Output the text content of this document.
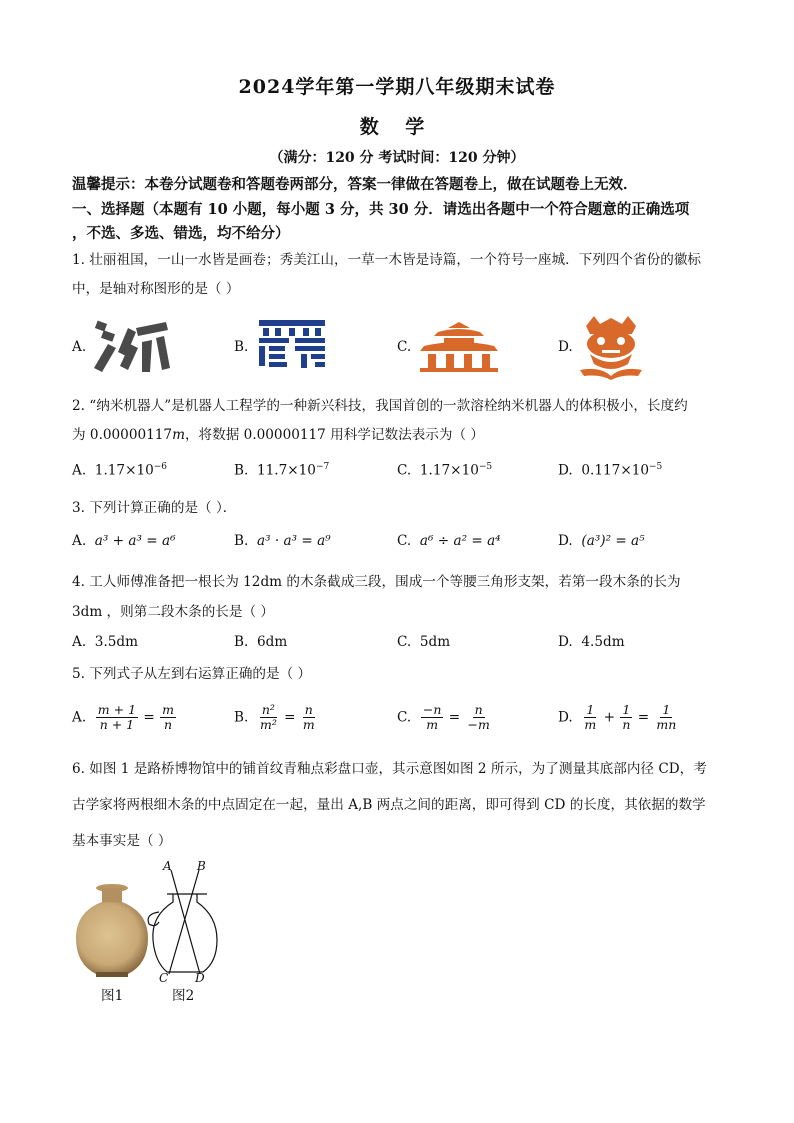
2024学年第一学期八年级期末试卷
数 学
（满分：120 分 考试时间：120 分钟）
温馨提示：本卷分试题卷和答题卷两部分，答案一律做在答题卷上，做在试题卷上无效．
一、选择题（本题有 10 小题，每小题 3 分，共 30 分．请选出各题中一个符合题意的正确选项
，不选、多选、错选，均不给分）
1. 壮丽祖国，一山一水皆是画卷；秀美江山，一草一木皆是诗篇，一个符号一座城．下列四个省份的徽标
中，是轴对称图形的是（ ）
A.	B.	C.	D.
2. “纳米机器人”是机器人工程学的一种新兴科技，我国首创的一款溶栓纳米机器人的体积极小，长度约
为 0.00000117m，将数据 0.00000117 用科学记数法表示为（ ）
A. $1.17\times 10^{-6}$	B. $11.7\times 10^{-7}$	C. $1.17\times 10^{-5}$	D. $0.117\times 10^{-5}$
3. 下列计算正确的是（ ）．
A. a³ + a³ = a⁶	B. a³ · a³ = a⁹	C. a⁶ ÷ a² = a⁴	D. (a³)² = a⁵
4. 工人师傅准备把一根长为 12dm 的木条截成三段，围成一个等腰三角形支架，若第一段木条的长为
3dm ，则第二段木条的长是（ ）
A. 3.5dm	B. 6dm	C. 5dm	D. 4.5dm
5. 下列式子从左到右运算正确的是（ ）
A. $\frac{m + 1}{n + 1} = \frac{m}{n}$	B. $\frac{\text{n²}}{\text{m²}} = \frac{n}{m}$	C. $\frac{-n}{m} = \frac{n}{-m}$	D. $\frac{1}{m} + \frac{1}{n} = \frac{1}{mn}$
6. 如图 1 是路桥博物馆中的铺首纹青釉点彩盘口壶，其示意图如图 2 所示，为了测量其底部内径 CD，考
古学家将两根细木条的中点固定在一起，量出 A,B 两点之间的距离，即可得到 CD 的长度，其依据的数学
基本事实是（ ）
A B
C D
图1	图2
